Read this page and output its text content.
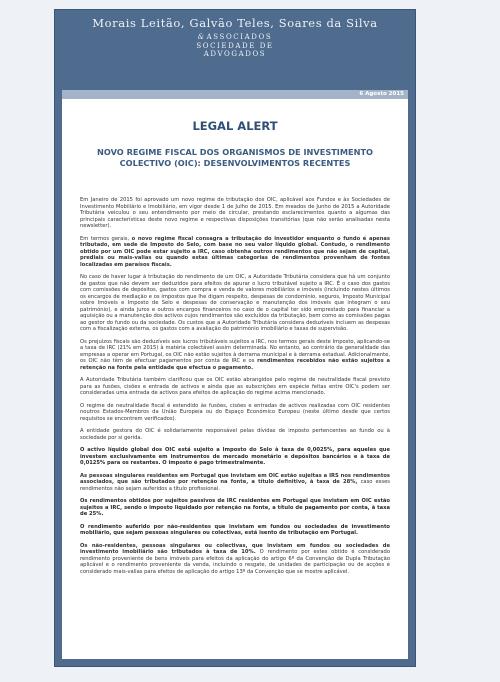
Morais Leitão, Galvão Teles, Soares da Silva
&ASSOCIADOS
SOCIEDADE DE
ADVOGADOS
6 Agosto 2015
LEGAL ALERT
NOVO REGIME FISCAL DOS ORGANISMOS DE INVESTIMENTO COLECTIVO (OIC): DESENVOLVIMENTOS RECENTES

Em Janeiro de 2015 foi aprovado um novo regime de tributação dos OIC, aplicável aos Fundos e às Sociedades de Investimento Mobiliário e Imobiliário, em vigor desde 1 de Julho de 2015. Em meados de Junho de 2015 a Autoridade Tributária veiculou o seu entendimento por meio de circular, prestando esclarecimentos quanto a algumas das principais características deste novo regime e respectivas disposições transitórias (que não serão analisadas nesta newsletter).

Em termos gerais, o novo regime fiscal consagra a tributação do investidor enquanto o fundo é apenas tributado, em sede de Imposto do Selo, com base no seu valor líquido global. Contudo, o rendimento obtido por um OIC pode estar sujeito a IRC, caso obtenha outros rendimentos que não sejam de capital, prediais ou mais-valias ou quando estas últimas categorias de rendimentos provenham de fontes localizadas em paraísos fiscais.

No caso de haver lugar à tributação do rendimento de um OIC, a Autoridade Tributária considera que há um conjunto de gastos que não devem ser deduzidos para efeitos de apurar o lucro tributável sujeito a IRC. É o caso dos gastos com comissões de depósitos, gastos com compra e venda de valores mobiliários e imóveis (incluindo nestes últimos os encargos de mediação e os impostos que lhe digam respeito, despesas de condomínio, seguros, Imposto Municipal sobre Imóveis e Imposto de Selo e despesas de conservação e manutenção dos imóveis que integram o seu património), e ainda juros e outros encargos financeiros no caso de o capital ter sido emprestado para financiar a aquisição ou a manutenção dos activos cujos rendimentos são excluídos da tributação, bem como as comissões pagas ao gestor do fundo ou da sociedade. Os custos que a Autoridade Tributária considera deduzíveis incluem as despesas com a fiscalização externa, os gastos com a avaliação do património imobiliário e taxas de supervisão.

Os prejuízos fiscais são deduzíveis aos lucros tributáveis sujeitos a IRC, nos termos gerais deste Imposto, aplicando-se a taxa de IRC (21% em 2015) à matéria colectável assim determinada. No entanto, ao contrário da generalidade das empresas a operar em Portugal, os OIC não estão sujeitos à derrama municipal e à derrama estadual. Adicionalmente, os OIC não têm de efectuar pagamentos por conta de IRC e os rendimentos recebidos não estão sujeitos a retenção na fonte pela entidade que efectua o pagamento.

A Autoridade Tributária também clarificou que os OIC estão abrangidos pelo regime de neutralidade fiscal previsto para as fusões, cisões e entrada de activos e ainda que as subscrições em espécie feitas entre OIC's podem ser consideradas uma entrada de activos para efeitos de aplicação do regime acima mencionado.

O regime de neutralidade fiscal é estendido às fusões, cisões e entradas de activos realizadas com OIC residentes noutros Estados-Membros da União Europeia ou do Espaço Económico Europeu (neste último desde que certos requisitos se encontrem verificados).

A entidade gestora do OIC é solidariamente responsável pelas dívidas de imposto pertencentes ao fundo ou à sociedade por si gerida.

O activo líquido global dos OIC está sujeito a Imposto do Selo à taxa de 0,0025%, para aqueles que investem exclusivamente em instrumentos de mercado monetário e depósitos bancários e à taxa de 0,0125% para os restantes. O imposto é pago trimestralmente.

As pessoas singulares residentes em Portugal que invistam em OIC estão sujeitas a IRS nos rendimentos associados, que são tributados por retenção na fonte, a título definitivo, à taxa de 28%, caso esses rendimentos não sejam auferidos a título profissional.

Os rendimentos obtidos por sujeitos passivos de IRC residentes em Portugal que invistam em OIC estão sujeitos a IRC, sendo o imposto liquidado por retenção na fonte, a título de pagamento por conta, à taxa de 25%.

O rendimento auferido por não-residentes que invistam em fundos ou sociedades de investimento mobiliário, que sejam pessoas singulares ou colectivas, está isento de tributação em Portugal.

Os não-residentes, pessoas singulares ou colectivas, que invistam em fundos ou sociedades de investimento imobiliário são tributados à taxa de 10%. O rendimento por estes obtido é considerado rendimento proveniente de bens imóveis para efeitos da aplicação do artigo 6º da Convenção de Dupla Tributação aplicável e o rendimento proveniente da venda, incluindo o resgate, de unidades de participação ou de acções é considerado mais-valias para efeitos de aplicação do artigo 13º da Convenção que se mostre aplicável.
